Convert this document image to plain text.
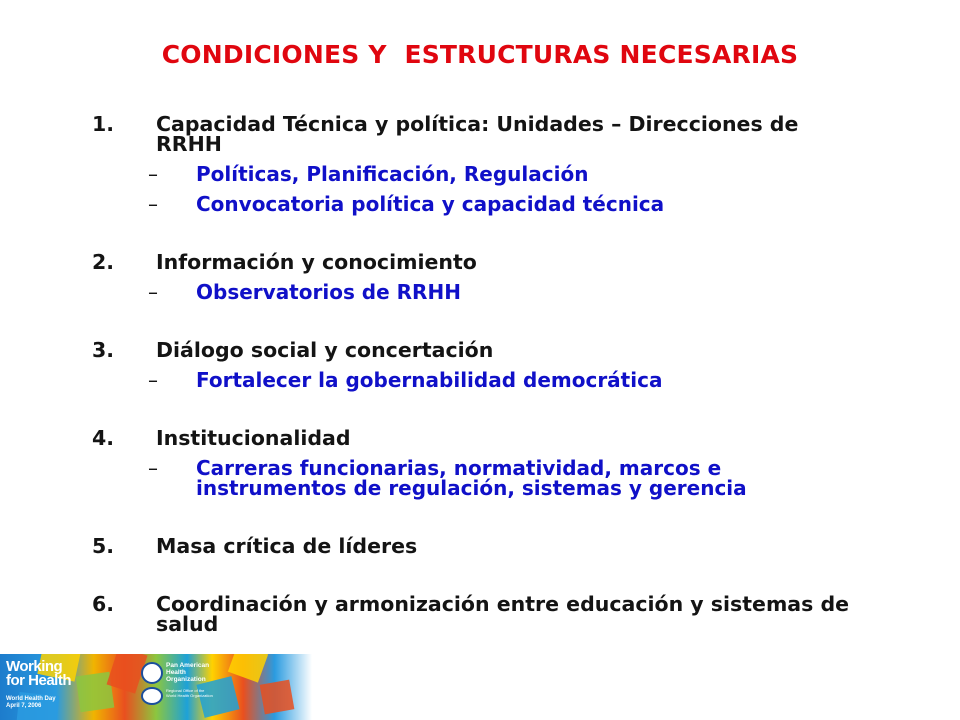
CONDICIONES Y  ESTRUCTURAS NECESARIAS
1. Capacidad Técnica y política: Unidades – Direcciones de RRHH
– Políticas, Planificación, Regulación
– Convocatoria política y capacidad técnica
2. Información y conocimiento
– Observatorios de RRHH
3. Diálogo social y concertación
– Fortalecer la gobernabilidad democrática
4. Institucionalidad
– Carreras funcionarias, normatividad, marcos e instrumentos de regulación, sistemas y gerencia
5. Masa crítica de líderes
6. Coordinación y armonización entre educación y sistemas de salud
Working
for Health
World Health Day
April 7, 2006
Pan American
Health
Organization
Regional Office of the
World Health Organization
